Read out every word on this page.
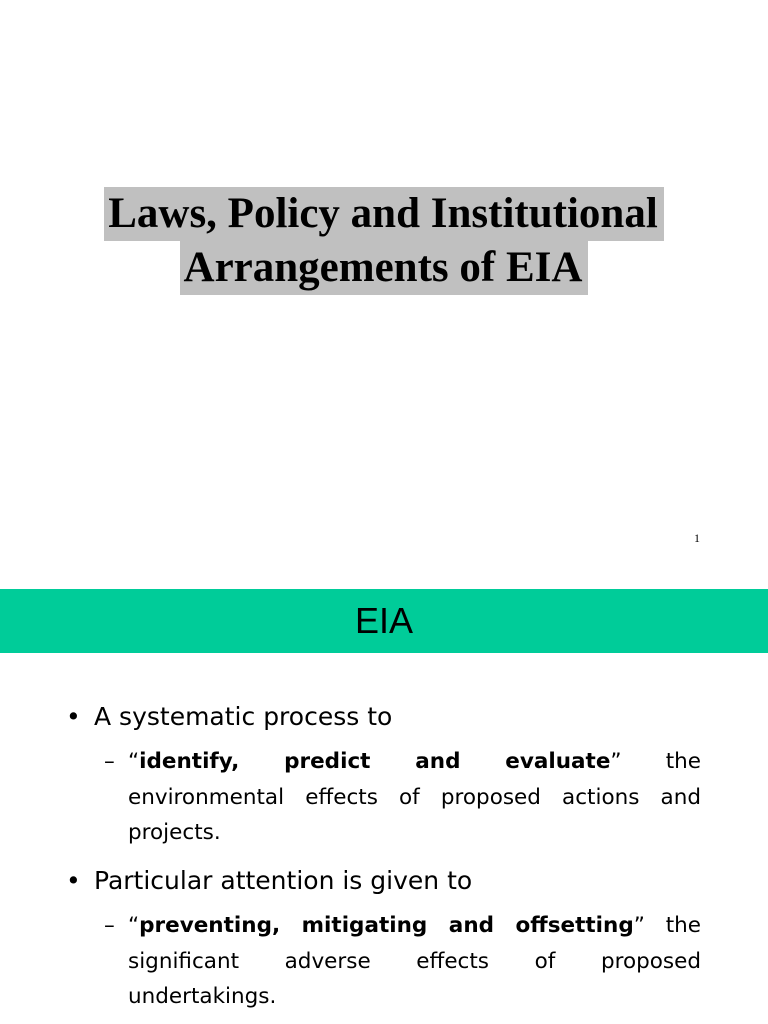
Laws, Policy and Institutional
Arrangements of EIA
1
EIA
• A systematic process to
– “identify, predict and evaluate” the environmental effects of proposed actions and projects.
• Particular attention is given to
– “preventing, mitigating and offsetting” the significant adverse effects of proposed undertakings.
